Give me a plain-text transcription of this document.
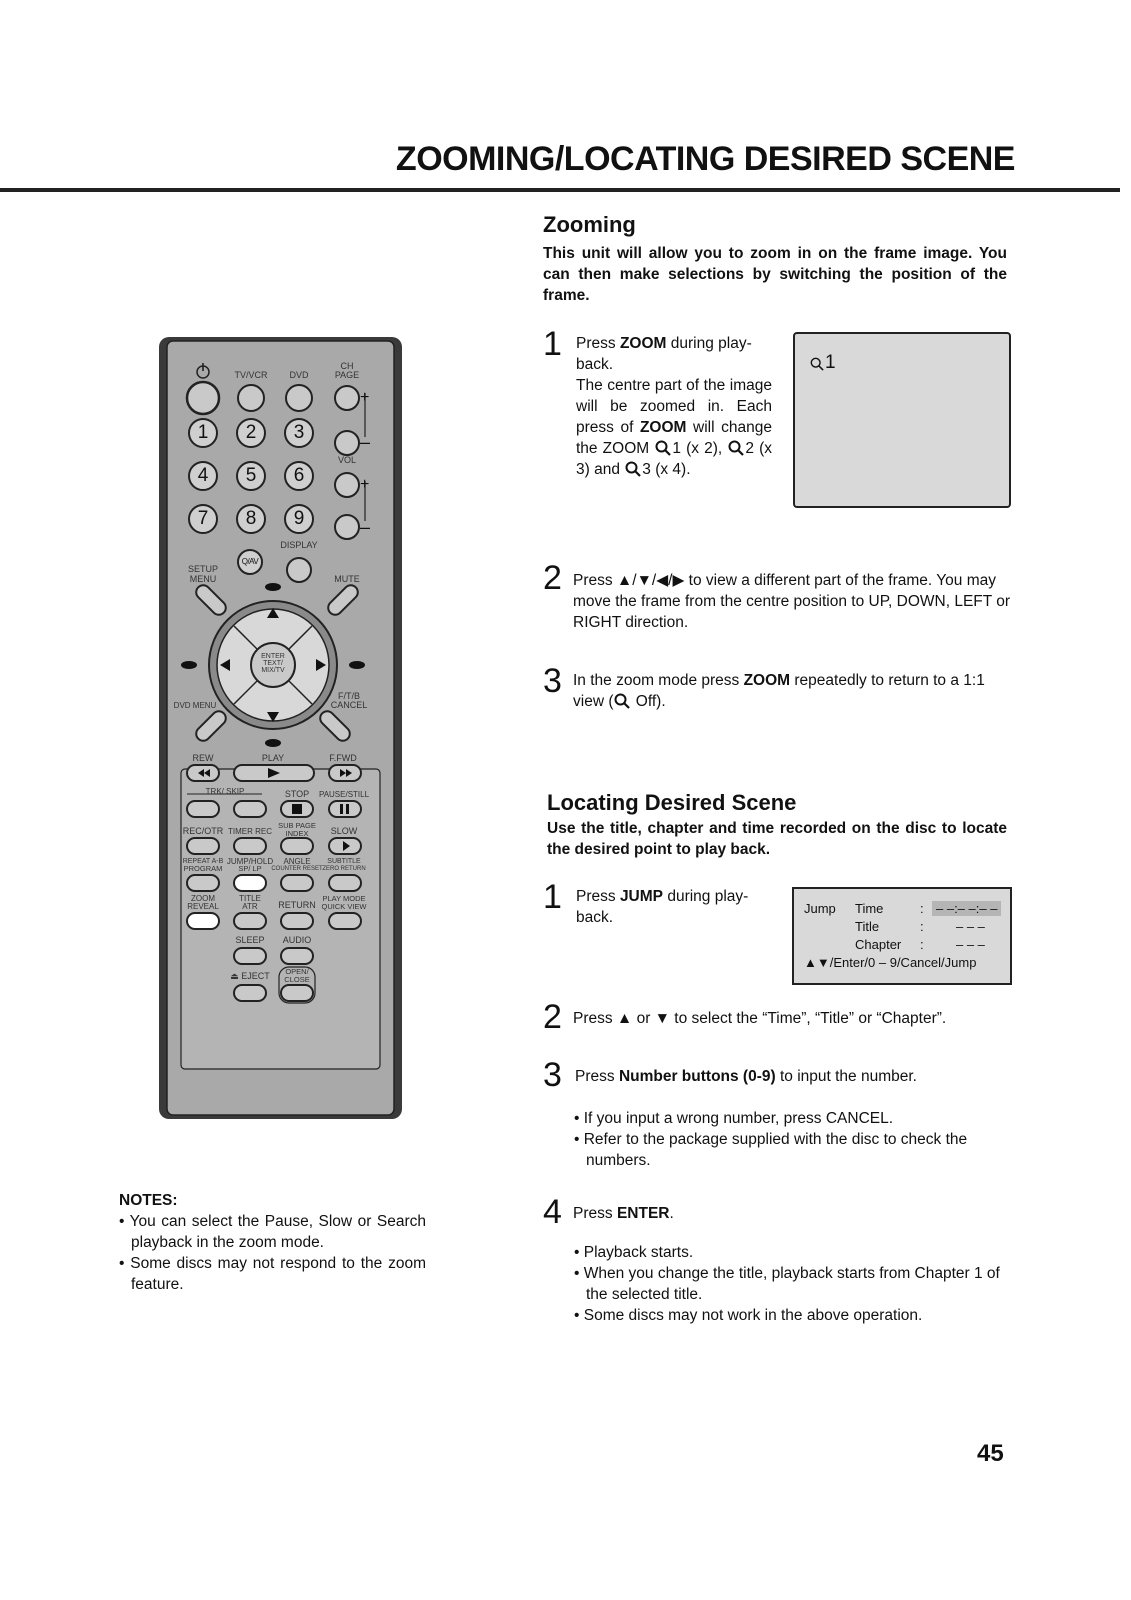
ZOOMING/LOCATING DESIRED SCENE
Zooming
This unit will allow you to zoom in on the frame image. You can then make selections by switching the position of the frame.
1 Press ZOOM during play-
back.
The centre part of the image will be zoomed in. Each press of ZOOM will change the ZOOM 1 (x 2), 2 (x 3) and 3 (x 4).
1
2 Press ▲/▼/◀/▶ to view a different part of the frame. You may move the frame from the centre position to UP, DOWN, LEFT or RIGHT direction.
3 In the zoom mode press ZOOM repeatedly to return to a 1:1 view ( Off).
Locating Desired Scene
Use the title, chapter and time recorded on the disc to locate the desired point to play back.
1 Press JUMP during play-
back.
Jump Time	: – –:– –:– –
Title	: – – –
Chapter : – – –
▲▼/Enter/0 – 9/Cancel/Jump
2 Press ▲ or ▼ to select the “Time”, “Title” or “Chapter”.
3 Press Number buttons (0-9) to input the number.
• If you input a wrong number, press CANCEL.
• Refer to the package supplied with the disc to check the numbers.
4 Press ENTER.
• Playback starts.
• When you change the title, playback starts from Chapter 1 of the selected title.
• Some discs may not work in the above operation.
NOTES:
• You can select the Pause, Slow or Search playback in the zoom mode.
• Some discs may not respond to the zoom feature.
45
+
–
+
–
1	2	3
4	5	6
7	8	9
Q/AV
TV/VCR DVD
CH
PAGE
VOL
DISPLAY
SETUP
MENU	MUTE
ENTER
TEXT/
MIX/TV
F/T/B
CANCEL
DVD MENU
REW	PLAY	F.FWD
TRK/ SKIP	STOP PAUSE/STILL
SUB PAGE
INDEX
REC/OTR TIMER REC	SLOW
REPEAT A-B
PROGRAM
JUMP/HOLD
SP/ LP
ANGLE
COUNTER RESET
SUBTITLE
ZERO RETURN
ZOOM
REVEAL
TITLE
ATR RETURN
PLAY MODE
QUICK VIEW
SLEEP AUDIO
⏏ EJECT OPEN/
CLOSE
